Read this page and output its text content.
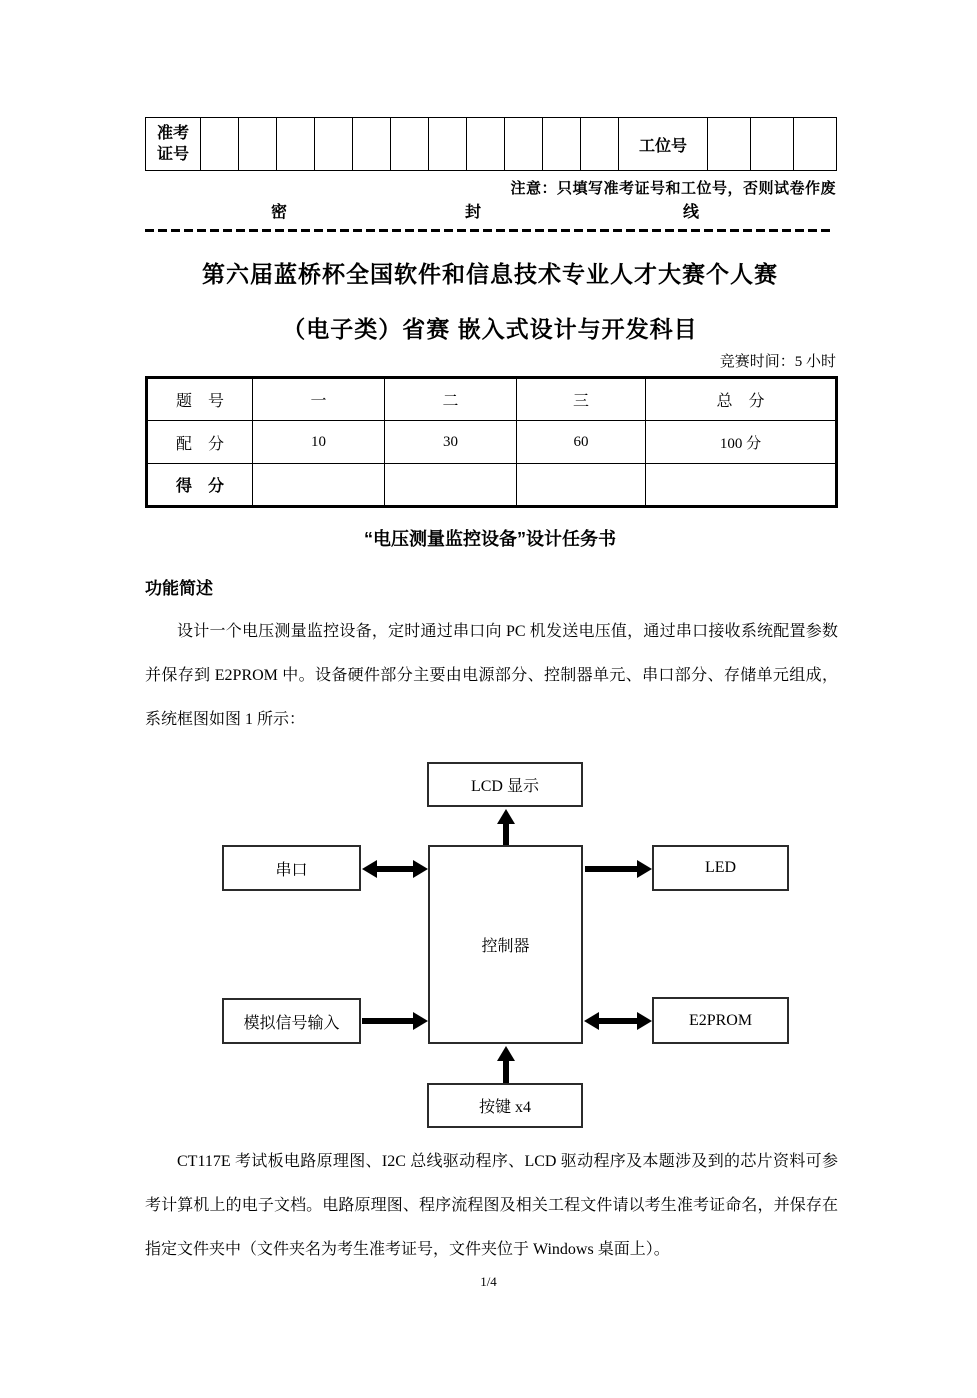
准考
证号												工位号			
注意：只填写准考证号和工位号，否则试卷作废
密	封	线
第六届蓝桥杯全国软件和信息技术专业人才大赛个人赛
（电子类）省赛 嵌入式设计与开发科目
竞赛时间：5 小时
题　号	一	二	三	总　分
配　分	10	30	60	100 分
得　分				
“电压测量监控设备”设计任务书
功能简述
设计一个电压测量监控设备，定时通过串口向 PC 机发送电压值，通过串口接收系统配置参数并保存到 E2PROM 中。设备硬件部分主要由电源部分、控制器单元、串口部分、存储单元组成，系统框图如图 1 所示：
LCD 显示
串口
控制器
LED
模拟信号输入	E2PROM
按键 x4
CT117E 考试板电路原理图、I2C 总线驱动程序、LCD 驱动程序及本题涉及到的芯片资料可参考计算机上的电子文档。电路原理图、程序流程图及相关工程文件请以考生准考证命名，并保存在指定文件夹中（文件夹名为考生准考证号，文件夹位于 Windows 桌面上）。
1/4
